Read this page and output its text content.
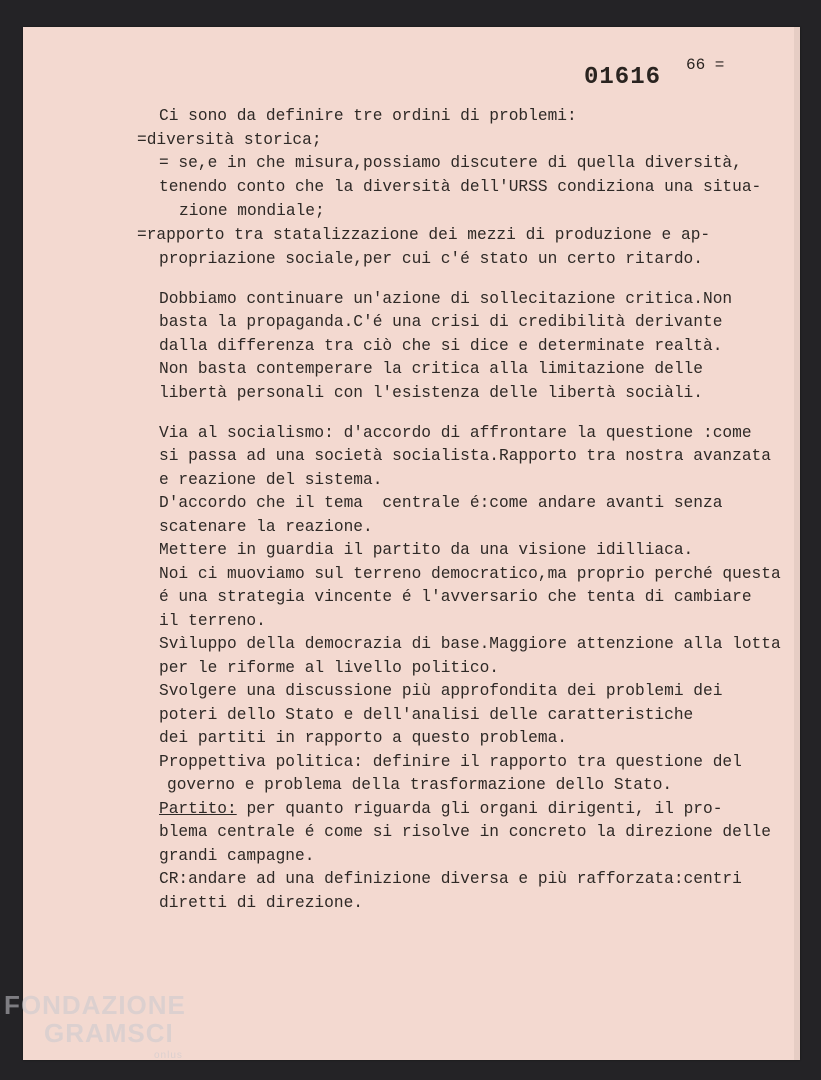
01616 66 =
Ci sono da definire tre ordini di problemi:
=diversità storica;
= se,e in che misura,possiamo discutere di quella diversità,
tenendo conto che la diversità dell'URSS condiziona una situa-
zione mondiale;
=rapporto tra statalizzazione dei mezzi di produzione e ap-
propriazione sociale,per cui c'é stato un certo ritardo.
Dobbiamo continuare un'azione di sollecitazione critica.Non
basta la propaganda.C'é una crisi di credibilità derivante
dalla differenza tra ciò che si dice e determinate realtà.
Non basta contemperare la critica alla limitazione delle
libertà personali con l'esistenza delle libertà sociàli.
Via al socialismo: d'accordo di affrontare la questione :come
si passa ad una società socialista.Rapporto tra nostra avanzata
e reazione del sistema.
D'accordo che il tema  centrale é:come andare avanti senza
scatenare la reazione.
Mettere in guardia il partito da una visione idilliaca.
Noi ci muoviamo sul terreno democratico,ma proprio perché questa
é una strategia vincente é l'avversario che tenta di cambiare
il terreno.
Svìluppo della democrazia di base.Maggiore attenzione alla lotta
per le riforme al livello politico.
Svolgere una discussione più approfondita dei problemi dei
poteri dello Stato e dell'analisi delle caratteristiche
dei partiti in rapporto a questo problema.
Proppettiva politica: definire il rapporto tra questione del
governo e problema della trasformazione dello Stato.
Partito: per quanto riguarda gli organi dirigenti, il pro-
blema centrale é come si risolve in concreto la direzione delle
grandi campagne.
CR:andare ad una definizione diversa e più rafforzata:centri
diretti di direzione.
FONDAZIONE
GRAMSCI
onlus
